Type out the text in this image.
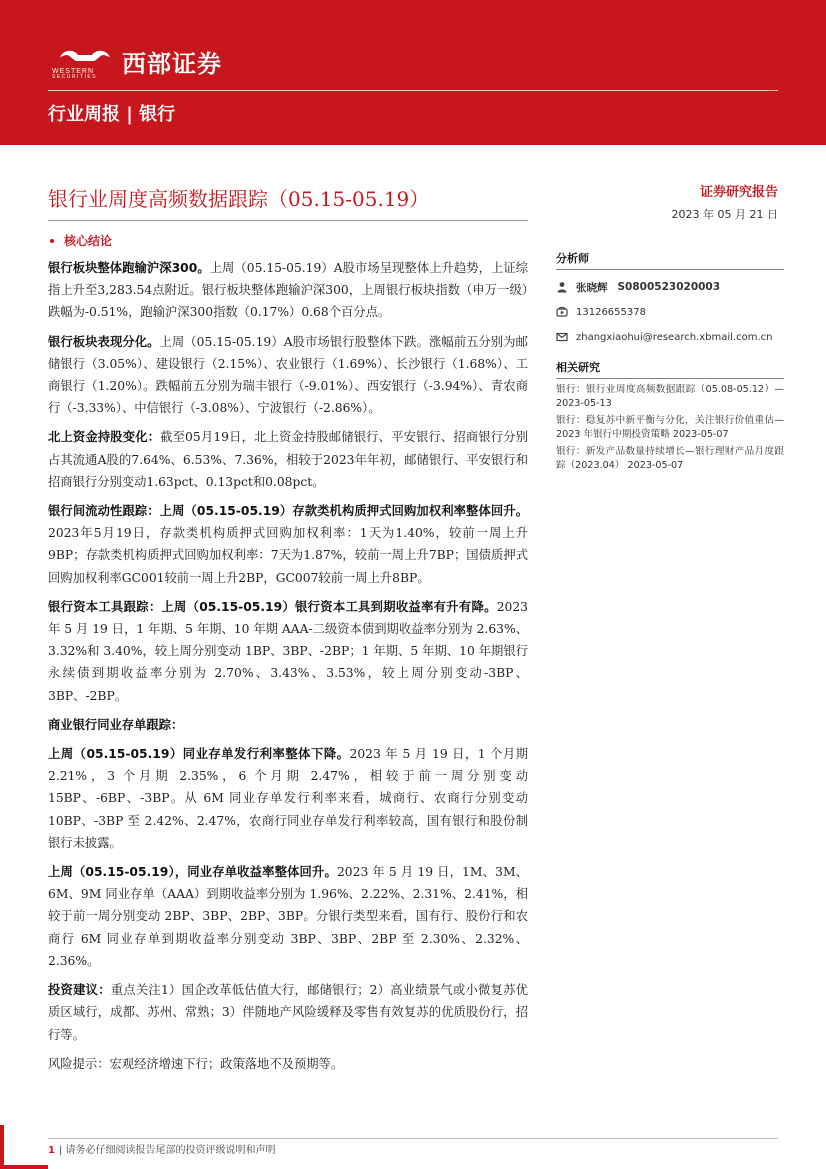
WESTERN
SECURITIES 西部证券
行业周报 | 银行
银行业周度高频数据跟踪（05.15-05.19）	证券研究报告
2023 年 05 月 21 日
核心结论

银行板块整体跑输沪深300。上周（05.15-05.19）A股市场呈现整体上升趋势，上证综指上升至3,283.54点附近。银行板块整体跑输沪深300，上周银行板块指数（申万一级）跌幅为-0.51%，跑输沪深300指数（0.17%）0.68个百分点。

银行板块表现分化。上周（05.15-05.19）A股市场银行股整体下跌。涨幅前五分别为邮储银行（3.05%）、建设银行（2.15%）、农业银行（1.69%）、长沙银行（1.68%）、工商银行（1.20%）。跌幅前五分别为瑞丰银行（-9.01%）、西安银行（-3.94%）、青农商行（-3.33%）、中信银行（-3.08%）、宁波银行（-2.86%）。

北上资金持股变化：截至05月19日，北上资金持股邮储银行、平安银行、招商银行分别占其流通A股的7.64%、6.53%、7.36%，相较于2023年年初，邮储银行、平安银行和招商银行分别变动1.63pct、0.13pct和0.08pct。

银行间流动性跟踪：上周（05.15-05.19）存款类机构质押式回购加权利率整体回升。2023年5月19日，存款类机构质押式回购加权利率：1天为1.40%，较前一周上升9BP；存款类机构质押式回购加权利率：7天为1.87%，较前一周上升7BP；国债质押式回购加权利率GC001较前一周上升2BP，GC007较前一周上升8BP。

银行资本工具跟踪：上周（05.15-05.19）银行资本工具到期收益率有升有降。2023 年 5 月 19 日，1 年期、5 年期、10 年期 AAA-二级资本债到期收益率分别为 2.63%、3.32%和 3.40%，较上周分别变动 1BP、3BP、-2BP；1 年期、5 年期、10 年期银行永续债到期收益率分别为 2.70%、3.43%、3.53%，较上周分别变动-3BP、3BP、-2BP。

商业银行同业存单跟踪：

上周（05.15-05.19）同业存单发行利率整体下降。2023 年 5 月 19 日，1 个月期 2.21%，3 个月期 2.35%，6 个月期 2.47%，相较于前一周分别变动 15BP、-6BP、-3BP。从 6M 同业存单发行利率来看，城商行、农商行分别变动 10BP、-3BP 至 2.42%、2.47%，农商行同业存单发行利率较高，国有银行和股份制银行未披露。

上周（05.15-05.19），同业存单收益率整体回升。2023 年 5 月 19 日，1M、3M、6M、9M 同业存单（AAA）到期收益率分别为 1.96%、2.22%、2.31%、2.41%，相较于前一周分别变动 2BP、3BP、2BP、3BP。分银行类型来看，国有行、股份行和农商行 6M 同业存单到期收益率分别变动 3BP、3BP、2BP 至 2.30%、2.32%、2.36%。

投资建议：重点关注1）国企改革低估值大行，邮储银行；2）高业绩景气或小微复苏优质区域行，成都、苏州、常熟；3）伴随地产风险缓释及零售有效复苏的优质股份行，招行等。

风险提示：宏观经济增速下行；政策落地不及预期等。

分析师
张晓辉 S0800523020003
13126655378
zhangxiaohui@research.xbmail.com.cn
相关研究
银行：银行业周度高频数据跟踪（05.08-05.12）— 2023-05-13
银行：稳复苏中新平衡与分化，关注银行价值重估— 2023 年银行中期投资策略 2023-05-07
银行：新发产品数量持续增长—银行理财产品月度跟踪（2023.04） 2023-05-07
1 | 请务必仔细阅读报告尾部的投资评级说明和声明
